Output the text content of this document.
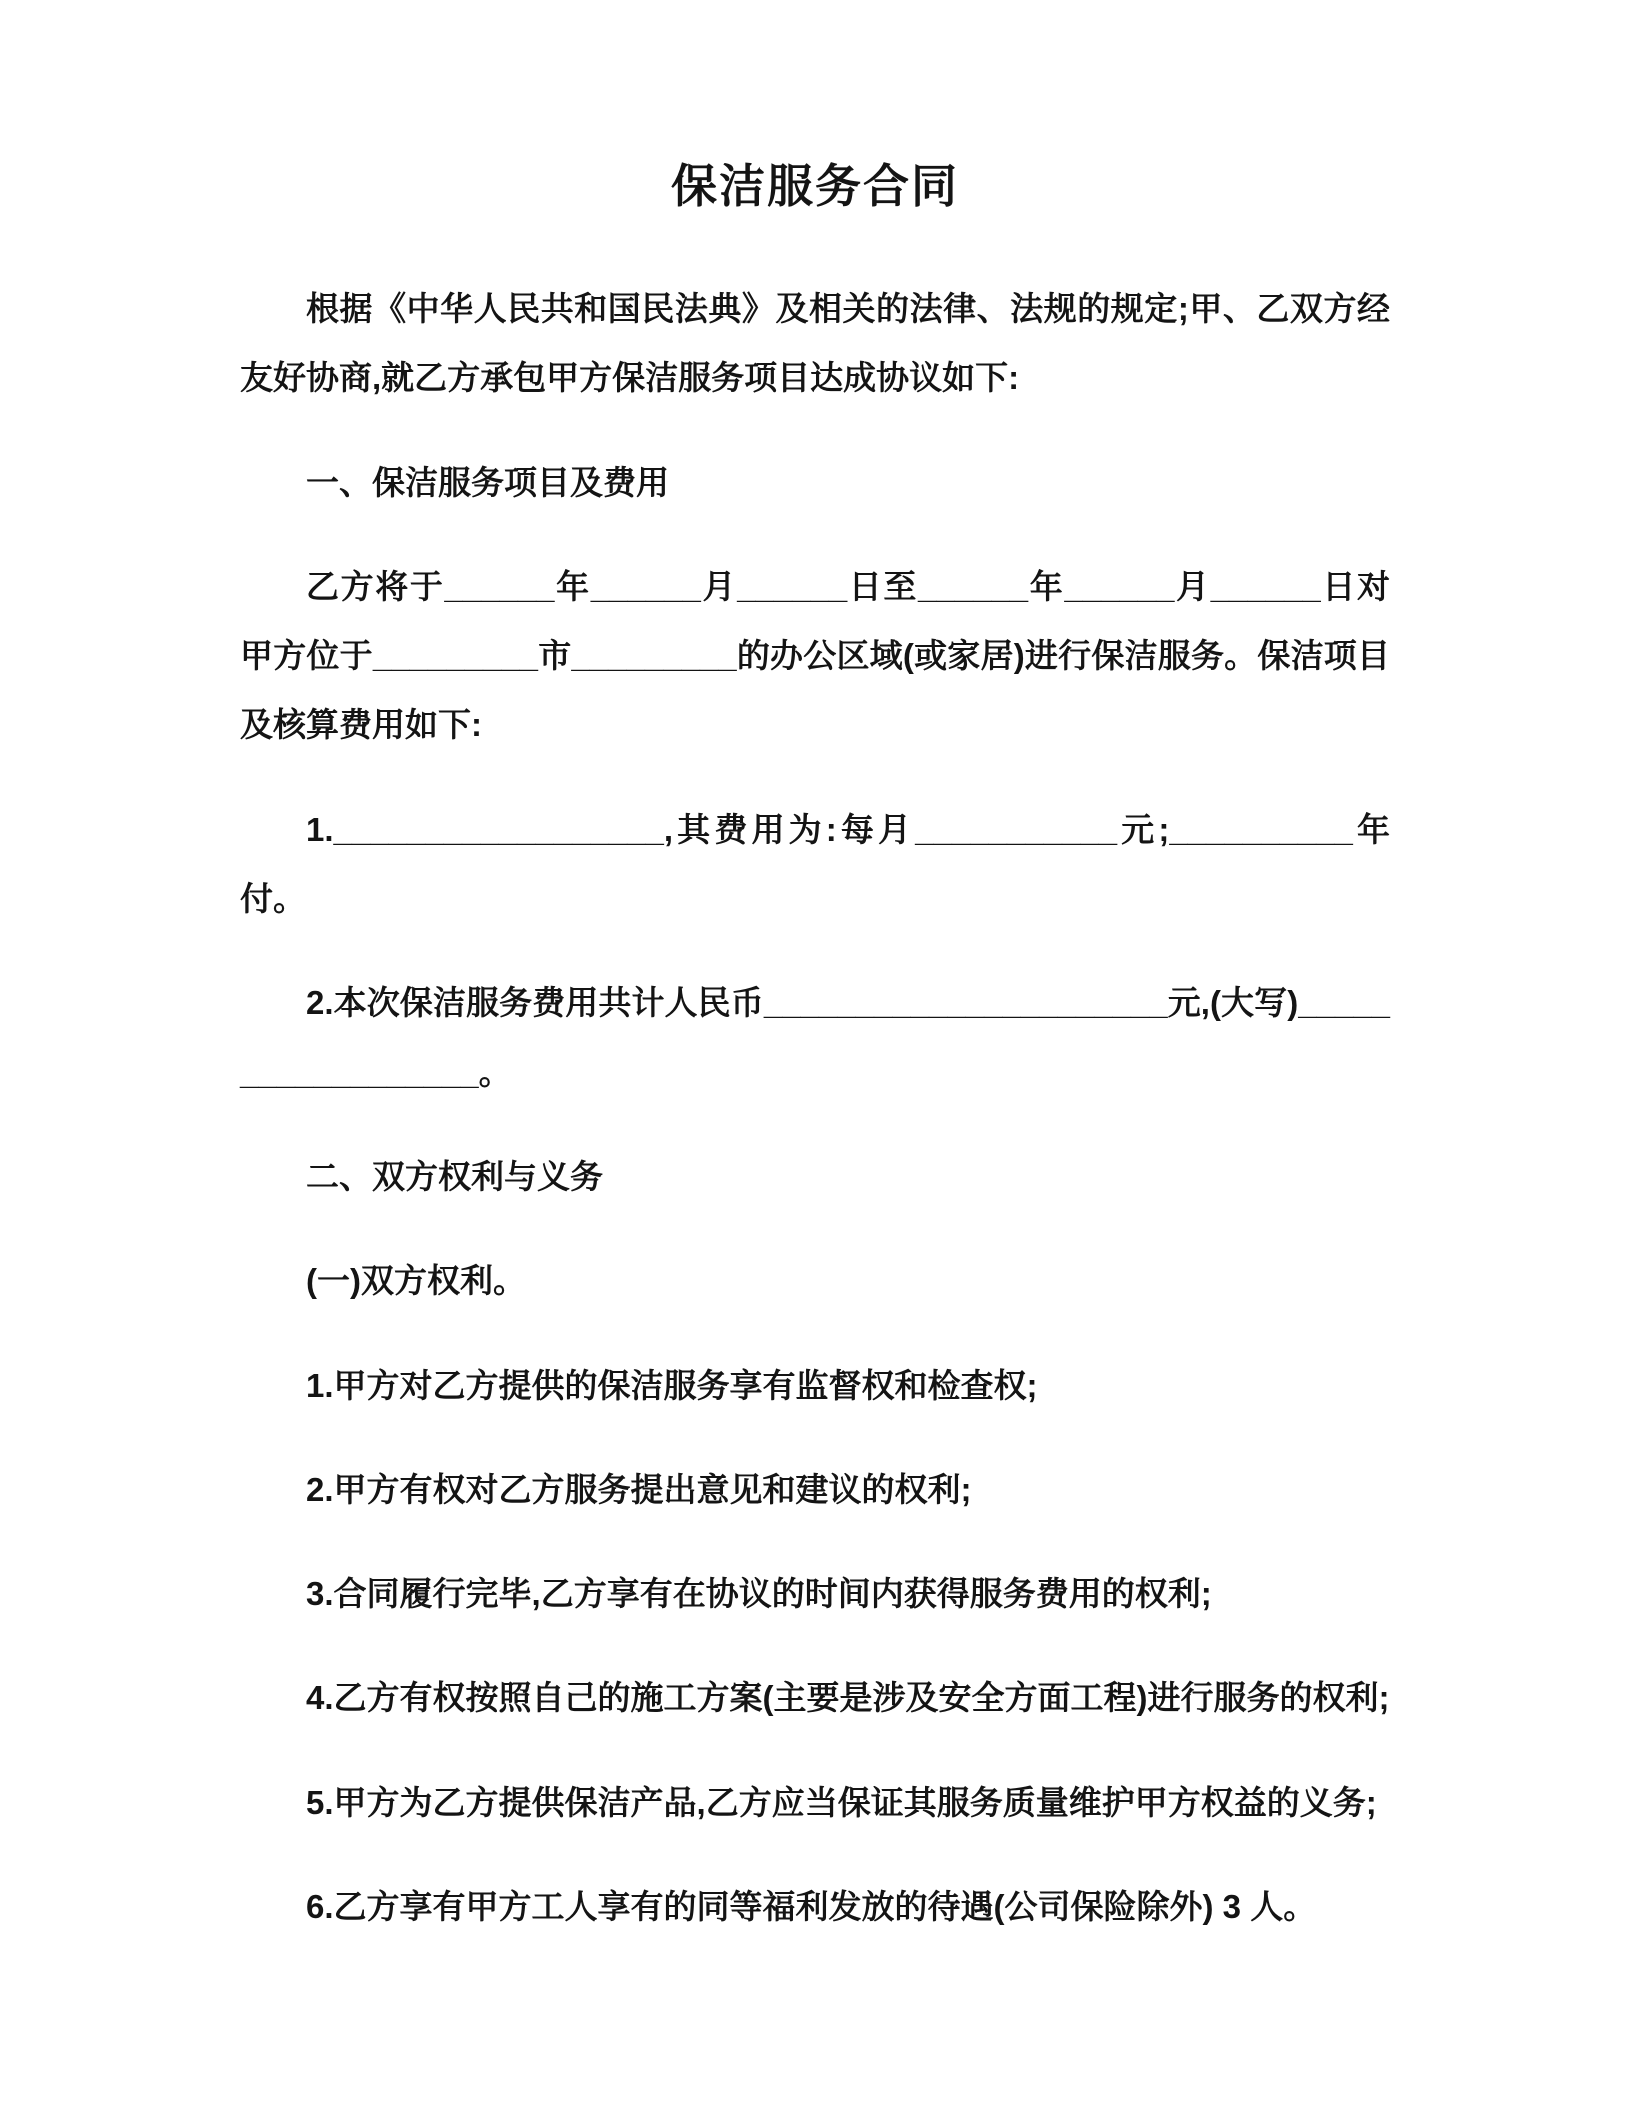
保洁服务合同

根据《中华人民共和国民法典》及相关的法律、法规的规定;甲、乙双方经友好协商,就乙方承包甲方保洁服务项目达成协议如下:

一、保洁服务项目及费用

乙方将于______年______月______日至______年______月______日对甲方位于_________市_________的办公区域(或家居)进行保洁服务。保洁项目及核算费用如下:

1.__________________,其费用为:每月___________元;__________年付。

2.本次保洁服务费用共计人民币______________________元,(大写)__________________。

二、双方权利与义务

(一)双方权利。

1.甲方对乙方提供的保洁服务享有监督权和检查权;

2.甲方有权对乙方服务提出意见和建议的权利;

3.合同履行完毕,乙方享有在协议的时间内获得服务费用的权利;

4.乙方有权按照自己的施工方案(主要是涉及安全方面工程)进行服务的权利;

5.甲方为乙方提供保洁产品,乙方应当保证其服务质量维护甲方权益的义务;

6.乙方享有甲方工人享有的同等福利发放的待遇(公司保险除外) 3 人。
